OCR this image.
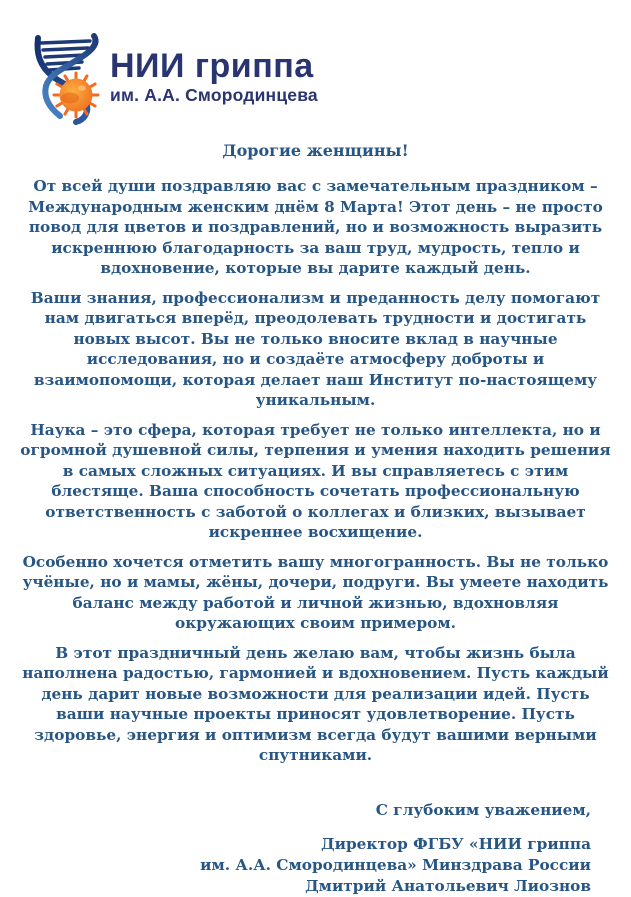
НИИ гриппа
им. А.А. Смородинцева

Дорогие женщины!

От всей души поздравляю вас с замечательным праздником – Международным женским днём 8 Марта! Этот день – не просто повод для цветов и поздравлений, но и возможность выразить искреннюю благодарность за ваш труд, мудрость, тепло и вдохновение, которые вы дарите каждый день.

Ваши знания, профессионализм и преданность делу помогают нам двигаться вперёд, преодолевать трудности и достигать новых высот. Вы не только вносите вклад в научные исследования, но и создаёте атмосферу доброты и взаимопомощи, которая делает наш Институт по-настоящему уникальным.

Наука – это сфера, которая требует не только интеллекта, но и огромной душевной силы, терпения и умения находить решения в самых сложных ситуациях. И вы справляетесь с этим блестяще. Ваша способность сочетать профессиональную ответственность с заботой о коллегах и близких, вызывает искреннее восхищение.

Особенно хочется отметить вашу многогранность. Вы не только учёные, но и мамы, жёны, дочери, подруги. Вы умеете находить баланс между работой и личной жизнью, вдохновляя окружающих своим примером.

В этот праздничный день желаю вам, чтобы жизнь была наполнена радостью, гармонией и вдохновением. Пусть каждый день дарит новые возможности для реализации идей. Пусть ваши научные проекты приносят удовлетворение. Пусть здоровье, энергия и оптимизм всегда будут вашими верными спутниками.

С глубоким уважением,

Директор ФГБУ «НИИ гриппа
им. А.А. Смородинцева» Минздрава России
Дмитрий Анатольевич Лиознов
